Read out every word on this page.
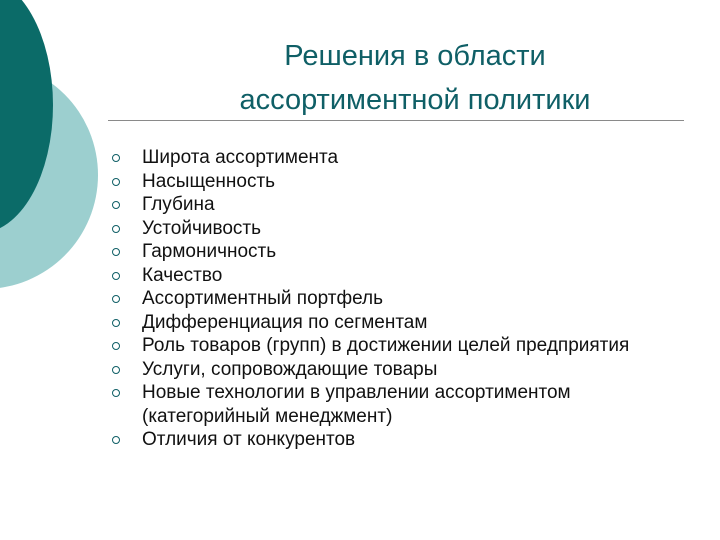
Решения в области
ассортиментной политики
Широта ассортимента
Насыщенность
Глубина
Устойчивость
Гармоничность
Качество
Ассортиментный портфель
Дифференциация по сегментам
Роль товаров (групп) в достижении целей предприятия
Услуги, сопровождающие товары
Новые технологии в управлении ассортиментом (категорийный менеджмент)
Отличия от конкурентов
